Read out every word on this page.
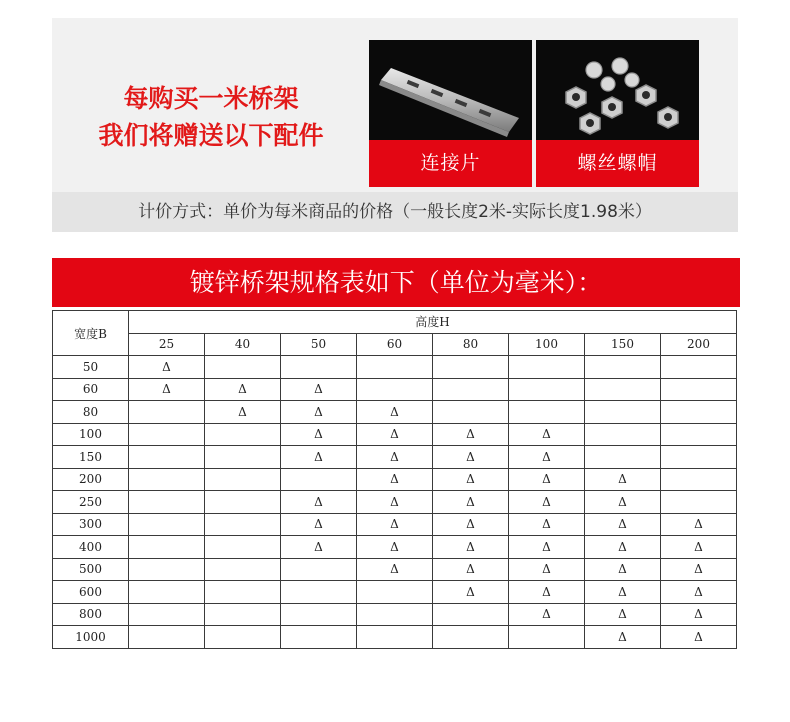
每购买一米桥架
我们将赠送以下配件
连接片	螺丝螺帽
计价方式：单价为每米商品的价格（一般长度2米-实际长度1.98米）
镀锌桥架规格表如下（单位为毫米）：
宽度B	高度H							
	25	40	50	60	80	100	150	200
50	Δ							
60	Δ	Δ	Δ					
80		Δ	Δ	Δ				
100			Δ	Δ	Δ	Δ		
150			Δ	Δ	Δ	Δ		
200				Δ	Δ	Δ	Δ	
250			Δ	Δ	Δ	Δ	Δ	
300			Δ	Δ	Δ	Δ	Δ	Δ
400			Δ	Δ	Δ	Δ	Δ	Δ
500				Δ	Δ	Δ	Δ	Δ
600					Δ	Δ	Δ	Δ
800						Δ	Δ	Δ
1000							Δ	Δ
